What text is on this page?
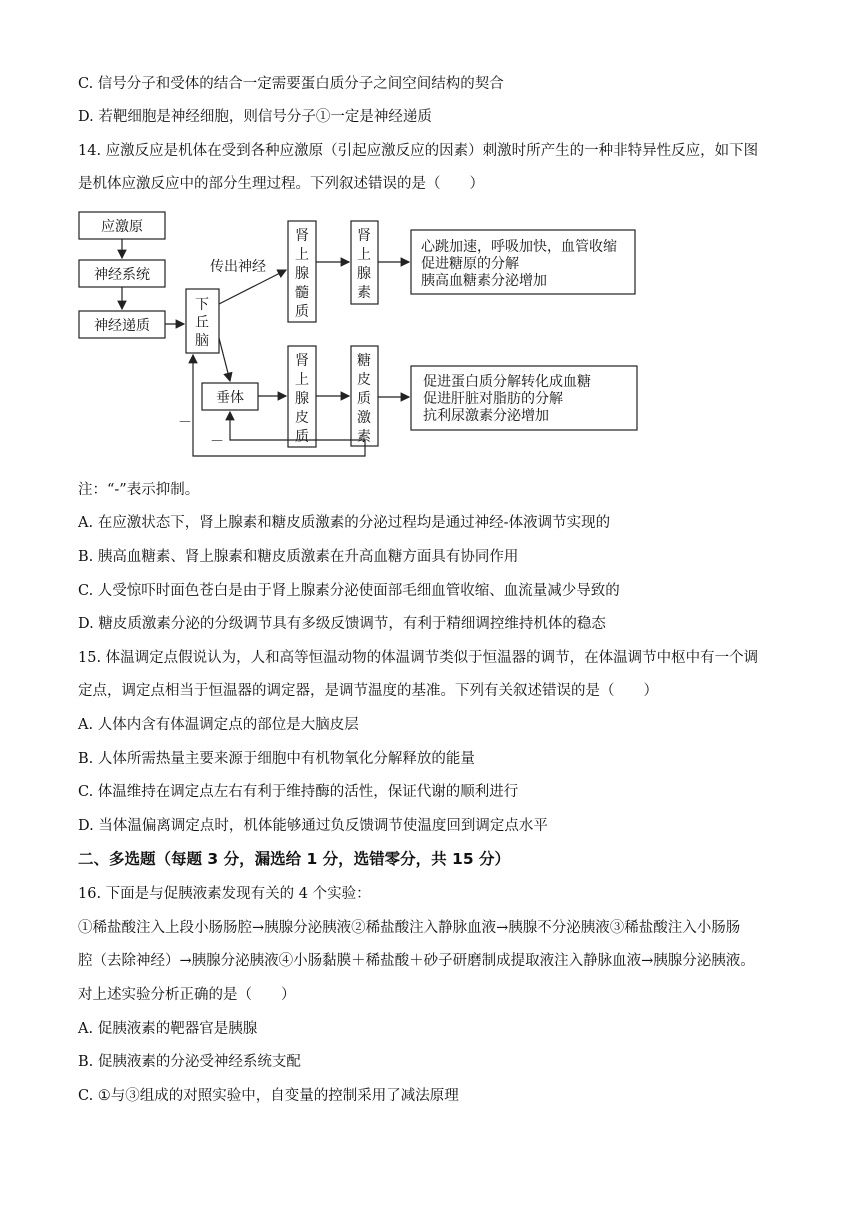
C. 信号分子和受体的结合一定需要蛋白质分子之间空间结构的契合
D. 若靶细胞是神经细胞，则信号分子①一定是神经递质
14. 应激反应是机体在受到各种应激原（引起应激反应的因素）刺激时所产生的一种非特异性反应，如下图
是机体应激反应中的部分生理过程。下列叙述错误的是（　　）
应激原
神经系统
神经递质
传出神经
垂体
下
丘
脑
肾
上
腺
髓
质
肾
上
腺
素
肾
上
腺
皮
质
糖
皮
质
激
素
心跳加速，呼吸加快，血管收缩
促进糖原的分解
胰高血糖素分泌增加
促进蛋白质分解转化成血糖
促进肝脏对脂肪的分解
抗利尿激素分泌增加
－
－
注：“-”表示抑制。
A. 在应激状态下，肾上腺素和糖皮质激素的分泌过程均是通过神经-体液调节实现的
B. 胰高血糖素、肾上腺素和糖皮质激素在升高血糖方面具有协同作用
C. 人受惊吓时面色苍白是由于肾上腺素分泌使面部毛细血管收缩、血流量减少导致的
D. 糖皮质激素分泌的分级调节具有多级反馈调节，有利于精细调控维持机体的稳态
15. 体温调定点假说认为，人和高等恒温动物的体温调节类似于恒温器的调节，在体温调节中枢中有一个调
定点，调定点相当于恒温器的调定器，是调节温度的基准。下列有关叙述错误的是（　　）
A. 人体内含有体温调定点的部位是大脑皮层
B. 人体所需热量主要来源于细胞中有机物氧化分解释放的能量
C. 体温维持在调定点左右有利于维持酶的活性，保证代谢的顺利进行
D. 当体温偏离调定点时，机体能够通过负反馈调节使温度回到调定点水平
二、多选题（每题 3 分，漏选给 1 分，选错零分，共 15 分）
16. 下面是与促胰液素发现有关的 4 个实验：
①稀盐酸注入上段小肠肠腔→胰腺分泌胰液②稀盐酸注入静脉血液→胰腺不分泌胰液③稀盐酸注入小肠肠
腔（去除神经）→胰腺分泌胰液④小肠黏膜＋稀盐酸＋砂子研磨制成提取液注入静脉血液→胰腺分泌胰液。
对上述实验分析正确的是（　　）
A. 促胰液素的靶器官是胰腺
B. 促胰液素的分泌受神经系统支配
C. ①与③组成的对照实验中，自变量的控制采用了减法原理
